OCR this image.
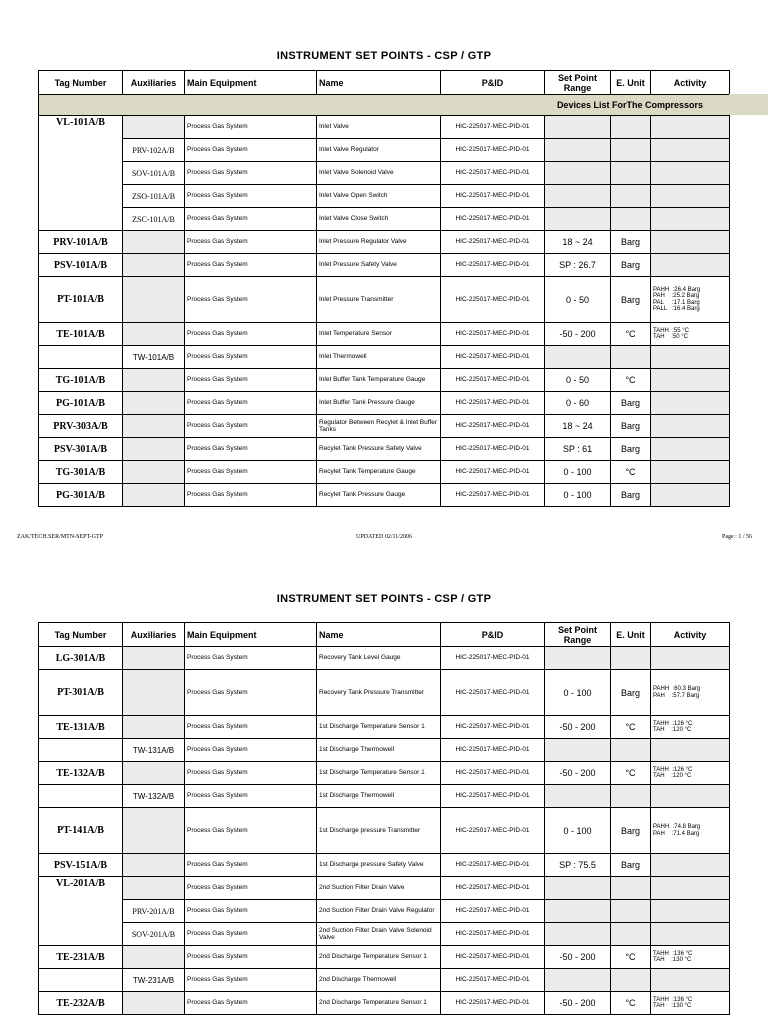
INSTRUMENT SET POINTS - CSP / GTP
Tag Number	Auxiliaries	Main Equipment	Name	P&ID	Set Point Range	E. Unit	Activity
Devices List ForThe Compressors							
VL-101A/B		Process Gas System	Inlet Valve	HIC-225017-MEC-PID-01			
	PRV-102A/B	Process Gas System	Inlet Valve Regulator	HIC-225017-MEC-PID-01			
	SOV-101A/B	Process Gas System	Inlet Valve Solenoid Valve	HIC-225017-MEC-PID-01			
	ZSO-101A/B	Process Gas System	Inlet Valve Open Switch	HIC-225017-MEC-PID-01			
	ZSC-101A/B	Process Gas System	Inlet Valve Close Switch	HIC-225017-MEC-PID-01			
PRV-101A/B		Process Gas System	Inlet Pressure Regulator Valve	HIC-225017-MEC-PID-01	18 ~ 24	Barg	
PSV-101A/B		Process Gas System	Inlet Pressure Safety Valve	HIC-225017-MEC-PID-01	SP : 26.7	Barg	
PT-101A/B		Process Gas System	Inlet Pressure Transmitter	HIC-225017-MEC-PID-01	0 - 50	Barg	PAHH  :26.4 Barg
PAH    :25.2 Barg
PAL     :17.1 Barg
PALL   :16.4 Barg
TE-101A/B		Process Gas System	Inlet Temperature Sensor	HIC-225017-MEC-PID-01	-50 - 200	°C	TAHH  :55 °C
TAH    :50 °C
	TW-101A/B	Process Gas System	Inlet Thermowell	HIC-225017-MEC-PID-01			
TG-101A/B		Process Gas System	Inlet Buffer Tank Temperature Gauge	HIC-225017-MEC-PID-01	0 - 50	°C	
PG-101A/B		Process Gas System	Inlet Buffer Tank Pressure Gauge	HIC-225017-MEC-PID-01	0 - 60	Barg	
PRV-303A/B		Process Gas System	Regulator Between Recylet & Inlet Buffer Tanks	HIC-225017-MEC-PID-01	18 ~ 24	Barg	
PSV-301A/B		Process Gas System	Recylet Tank Pressure Safety Valve	HIC-225017-MEC-PID-01	SP : 61	Barg	
TG-301A/B		Process Gas System	Recylet Tank Temperature Gauge	HIC-225017-MEC-PID-01	0 - 100	°C	
PG-301A/B		Process Gas System	Recylet Tank Pressure Gauge	HIC-225017-MEC-PID-01	0 - 100	Barg	
ZAK/TECH.SER/MTN-SEPT-GTP	UPDATED 02/11/2006	Page : 1 / 56
INSTRUMENT SET POINTS - CSP / GTP
Tag Number	Auxiliaries	Main Equipment	Name	P&ID	Set Point Range	E. Unit	Activity
LG-301A/B		Process Gas System	Recovery Tank Level Gauge	HIC-225017-MEC-PID-01			
PT-301A/B		Process Gas System	Recovery Tank Pressure Transmitter	HIC-225017-MEC-PID-01	0 - 100	Barg	PAHH  :60.3 Barg
PAH    :57.7 Barg
TE-131A/B		Process Gas System	1st Discharge Temperature Sensor 1	HIC-225017-MEC-PID-01	-50 - 200	°C	TAHH  :126 °C
TAH    :120 °C
	TW-131A/B	Process Gas System	1st Discharge Thermowell	HIC-225017-MEC-PID-01			
TE-132A/B		Process Gas System	1st Discharge Temperature Sensor 1	HIC-225017-MEC-PID-01	-50 - 200	°C	TAHH  :126 °C
TAH    :120 °C
	TW-132A/B	Process Gas System	1st Discharge Thermowell	HIC-225017-MEC-PID-01			
PT-141A/B		Process Gas System	1st Discharge pressure Transmitter	HIC-225017-MEC-PID-01	0 - 100	Barg	PAHH  :74.8 Barg
PAH    :71.4 Barg
PSV-151A/B		Process Gas System	1st Discharge pressure Safety Valve	HIC-225017-MEC-PID-01	SP : 75.5	Barg	
VL-201A/B		Process Gas System	2nd Suction Filter Drain Valve	HIC-225017-MEC-PID-01			
	PRV-201A/B	Process Gas System	2nd Suction Filter Drain Valve Regulator	HIC-225017-MEC-PID-01			
	SOV-201A/B	Process Gas System	2nd Suction Filter Drain Valve Solenoid Valve	HIC-225017-MEC-PID-01			
TE-231A/B		Process Gas System	2nd Discharge Temperature Sensor 1	HIC-225017-MEC-PID-01	-50 - 200	°C	TAHH  :136 °C
TAH    :130 °C
	TW-231A/B	Process Gas System	2nd Discharge Thermowell	HIC-225017-MEC-PID-01			
TE-232A/B		Process Gas System	2nd Discharge Temperature Sensor 1	HIC-225017-MEC-PID-01	-50 - 200	°C	TAHH  :136 °C
TAH    :130 °C
